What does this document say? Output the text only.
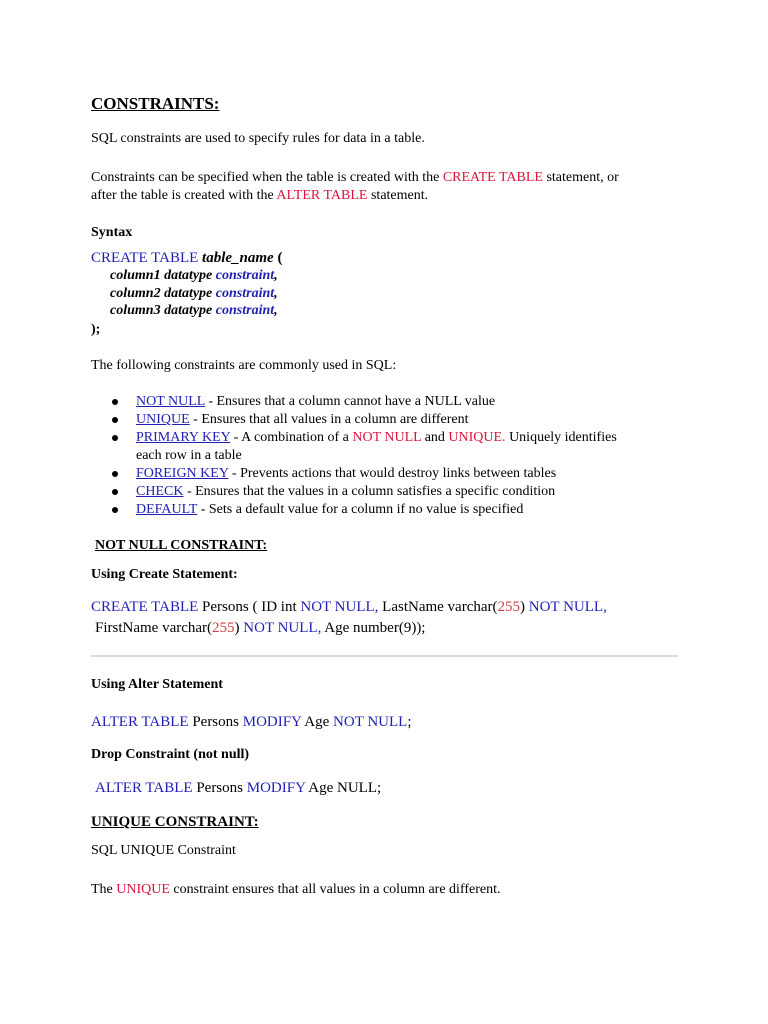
CONSTRAINTS:
SQL constraints are used to specify rules for data in a table.
Constraints can be specified when the table is created with the CREATE TABLE statement, or
after the table is created with the ALTER TABLE statement.
Syntax
CREATE TABLE table_name (
column1 datatype constraint,
column2 datatype constraint,
column3 datatype constraint,
);
The following constraints are commonly used in SQL:
NOT NULL - Ensures that a column cannot have a NULL value
UNIQUE - Ensures that all values in a column are different
PRIMARY KEY - A combination of a NOT NULL and UNIQUE. Uniquely identifies
each row in a table
FOREIGN KEY - Prevents actions that would destroy links between tables
CHECK - Ensures that the values in a column satisfies a specific condition
DEFAULT - Sets a default value for a column if no value is specified
NOT NULL CONSTRAINT:
Using Create Statement:
CREATE TABLE Persons ( ID int NOT NULL, LastName varchar(255) NOT NULL,
FirstName varchar(255) NOT NULL, Age number(9));
Using Alter Statement
ALTER TABLE Persons MODIFY Age NOT NULL;
Drop Constraint (not null)
ALTER TABLE Persons MODIFY Age NULL;
UNIQUE CONSTRAINT:
SQL UNIQUE Constraint
The UNIQUE constraint ensures that all values in a column are different.
